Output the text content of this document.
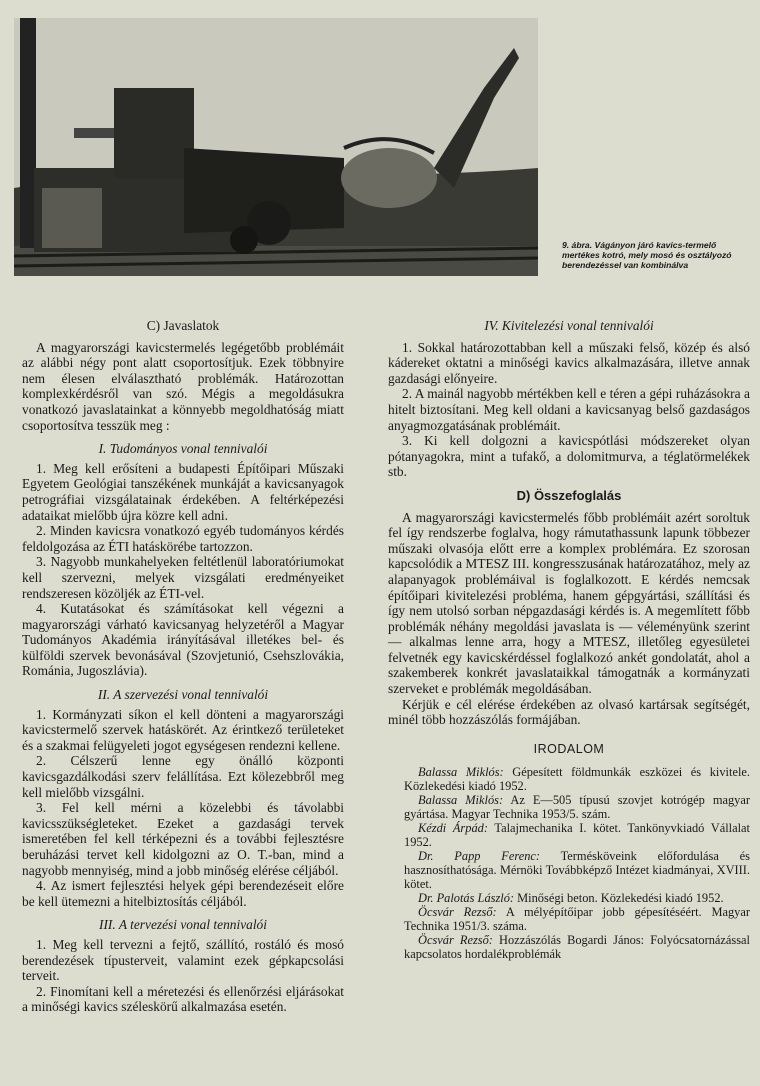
9. ábra. Vágányon járó kavics-termelő mertékes kotró, mely mosó és osztályozó berendezéssel van kombinálva
C) Javaslatok

A magyarországi kavicstermelés legégetőbb problémáit az alábbi négy pont alatt csoportosítjuk. Ezek többnyire nem élesen elválasztható problémák. Határozottan komplexkérdésről van szó. Mégis a megoldásukra vonatkozó javaslatainkat a könnyebb megoldhatóság miatt csoportosítva tesszük meg :

I. Tudományos vonal tennivalói

1. Meg kell erősíteni a budapesti Építőipari Műszaki Egyetem Geológiai tanszékének munkáját a kavicsanyagok petrográfiai vizsgálatainak érdekében. A feltérképezési adataikat mielőbb újra közre kell adni.

2. Minden kavicsra vonatkozó egyéb tudományos kérdés feldolgozása az ÉTI hatáskörébe tartozzon.

3. Nagyobb munkahelyeken feltétlenül laboratóriumokat kell szervezni, melyek vizsgálati eredményeiket rendszeresen közöljék az ÉTI-vel.

4. Kutatásokat és számításokat kell végezni a magyarországi várható kavicsanyag helyzetéről a Magyar Tudományos Akadémia irányításával illetékes bel- és külföldi szervek bevonásával (Szovjetunió, Csehszlovákia, Románia, Jugoszlávia).

II. A szervezési vonal tennivalói

1. Kormányzati síkon el kell dönteni a magyarországi kavicstermelő szervek hatáskörét. Az érintkező területeket és a szakmai felügyeleti jogot egységesen rendezni kellene.

2. Célszerű lenne egy önálló központi kavicsgazdálkodási szerv felállítása. Ezt kölezebbről meg kell mielőbb vizsgálni.

3. Fel kell mérni a közelebbi és távolabbi kavicsszükségleteket. Ezeket a gazdasági tervek ismeretében fel kell térképezni és a további fejlesztésre beruházási tervet kell kidolgozni az O. T.-ban, mind a nagyobb mennyiség, mind a jobb minőség elérése céljából.

4. Az ismert fejlesztési helyek gépi berendezéseit előre be kell ütemezni a hitelbiztosítás céljából.

III. A tervezési vonal tennivalói

1. Meg kell tervezni a fejtő, szállító, rostáló és mosó berendezések típusterveit, valamint ezek gépkapcsolási terveit.

2. Finomítani kell a méretezési és ellenőrzési eljárásokat a minőségi kavics széleskörű alkalmazása esetén.

IV. Kivitelezési vonal tennivalói

1. Sokkal határozottabban kell a műszaki felső, közép és alsó kádereket oktatni a minőségi kavics alkalmazására, illetve annak gazdasági előnyeire.

2. A mainál nagyobb mértékben kell e téren a gépi ruházásokra a hitelt biztosítani. Meg kell oldani a kavicsanyag belső gazdaságos anyagmozgatásának problémáit.

3. Ki kell dolgozni a kavicspótlási módszereket olyan pótanyagokra, mint a tufakő, a dolomitmurva, a téglatörmelékek stb.

D) Összefoglalás

A magyarországi kavicstermelés főbb problémáit azért soroltuk fel így rendszerbe foglalva, hogy rámutathassunk lapunk többezer műszaki olvasója előtt erre a komplex problémára. Ez szorosan kapcsolódik a MTESZ III. kongresszusának határozatához, mely az alapanyagok problémáival is foglalkozott. E kérdés nemcsak építőipari kivitelezési probléma, hanem gépgyártási, szállítási és így nem utolsó sorban népgazdasági kérdés is. A megemlített főbb problémák néhány megoldási javaslata is — véleményünk szerint — alkalmas lenne arra, hogy a MTESZ, illetőleg egyesületei felvetnék egy kavicskérdéssel foglalkozó ankét gondolatát, ahol a szakemberek konkrét javaslataikkal támogatnák a kormányzati szerveket e problémák megoldásában.

Kérjük e cél elérése érdekében az olvasó kartársak segítségét, minél több hozzászólás formájában.

IRODALOM

Balassa Miklós: Gépesített földmunkák eszközei és kivitele. Közlekedési kiadó 1952.

Balassa Miklós: Az E—505 típusú szovjet kotrógép magyar gyártása. Magyar Technika 1953/5. szám.

Kézdi Árpád: Talajmechanika I. kötet. Tankönyvkiadó Vállalat 1952.

Dr. Papp Ferenc: Termésköveink előfordulása és hasznosíthatósága. Mérnöki Továbbképző Intézet kiadmányai, XVIII. kötet.

Dr. Palotás László: Minőségi beton. Közlekedési kiadó 1952.

Öcsvár Rezső: A mélyépítőipar jobb gépesítéséért. Magyar Technika 1951/3. száma.

Öcsvár Rezső: Hozzászólás Bogardi János: Folyócsatornázással kapcsolatos hordalékproblémák
